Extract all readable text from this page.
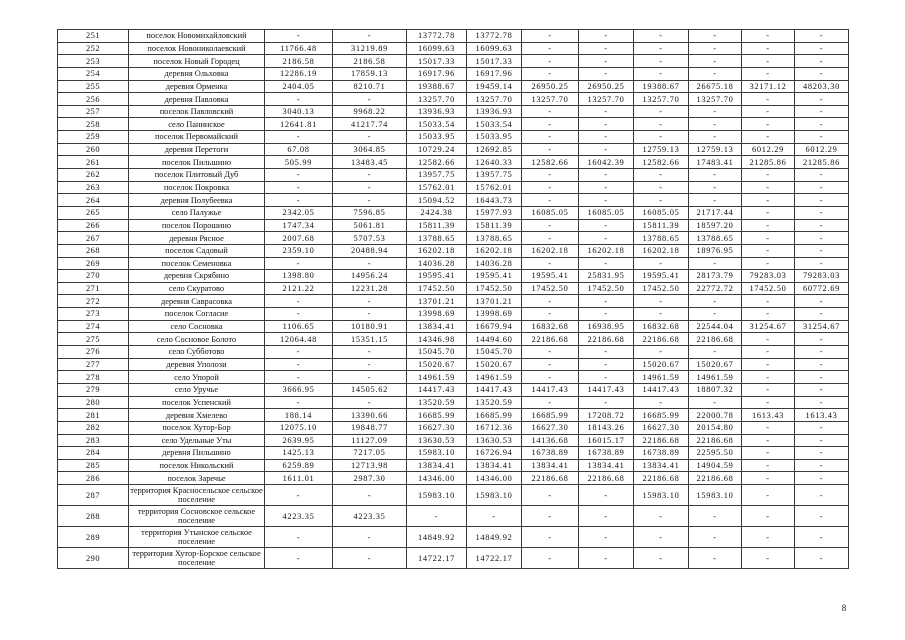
251	поселок Новомихайловский	-	-	13772.78	13772.78	-	-	-	-	-	-
252	поселок Новониколаевский	11766.48	31219.89	16099.63	16099.63	-	-	-	-	-	-
253	поселок Новый Городец	2186.58	2186.58	15017.33	15017.33	-	-	-	-	-	-
254	деревня Ольховка	12286.19	17859.13	16917.96	16917.96	-	-	-	-	-	-
255	деревня Орменка	2404.05	8210.71	19388.67	19459.14	26950.25	26950.25	19388.67	26675.18	32171.12	48203.30
256	деревня Павловка	-	-	13257.70	13257.70	13257.70	13257.70	13257.70	13257.70	-	-
257	поселок Павловский	3040.13	9968.22	13936.93	13936.93	-	-	-	-	-	-
258	село Панинское	12641.81	41217.74	15033.54	15033.54	-	-	-	-	-	-
259	поселок Первомайский	-	-	15033.95	15033.95	-	-	-	-	-	-
260	деревня Перетоги	67.08	3064.85	10729.24	12692.85	-	-	12759.13	12759.13	6012.29	6012.29
261	поселок Пильшино	505.99	13483.45	12582.66	12640.33	12582.66	16042.39	12582.66	17483.41	21285.86	21285.86
262	поселок Плитовый Дуб	-	-	13957.75	13957.75	-	-	-	-	-	-
263	поселок Покровка	-	-	15762.01	15762.01	-	-	-	-	-	-
264	деревня Полубеевка	-	-	15094.52	16443.73	-	-	-	-	-	-
265	село Палужье	2342.05	7596.85	2424.38	15977.93	16085.05	16085.05	16085.05	21717.44	-	-
266	поселок Порошино	1747.34	5061.81	15811.39	15811.39	-	-	15811.39	18597.20	-	-
267	деревня Рясное	2007.68	5707.53	13788.65	13788.65	-	-	13788.65	13788.65	-	-
268	поселок Садовый	2359.10	20488.94	16202.18	16202.18	16202.18	16202.18	16202.18	18976.95	-	-
269	поселок Семеновка	-	-	14036.28	14036.28	-	-	-	-	-	-
270	деревня Скрябино	1398.80	14956.24	19595.41	19595.41	19595.41	25831.95	19595.41	28173.79	79283.03	79283.03
271	село Скуратово	2121.22	12231.28	17452.50	17452.50	17452.50	17452.50	17452.50	22772.72	17452.50	60772.69
272	деревня Саврасовка	-	-	13701.21	13701.21	-	-	-	-	-	-
273	поселок Согласие	-	-	13998.69	13998.69	-	-	-	-	-	-
274	село Сосновка	1106.65	10180.91	13834.41	16679.94	16832.68	16938.95	16832.68	22544.04	31254.67	31254.67
275	село Сосновое Болото	12064.48	15351.15	14346.98	14494.60	22186.68	22186.68	22186.68	22186.68	-	-
276	село Субботово	-	-	15045.70	15045.70	-	-	-	-	-	-
277	деревня Уполози	-	-	15020.67	15020.67	-	-	15020.67	15020.67	-	-
278	село Упорой	-	-	14961.59	14961.59	-	-	14961.59	14961.59	-	-
279	село Уручье	3666.95	14505.62	14417.43	14417.43	14417.43	14417.43	14417.43	18807.32	-	-
280	поселок Успенский	-	-	13520.59	13520.59	-	-	-	-	-	-
281	деревня Хмелево	188.14	13390.66	16685.99	16685.99	16685.99	17208.72	16685.99	22000.78	1613.43	1613.43
282	поселок Хутор-Бор	12075.10	19848.77	16627.30	16712.36	16627.30	18143.26	16627.30	20154.80	-	-
283	село Удельные Уты	2639.95	11127.09	13630.53	13630.53	14136.68	16015.17	22186.68	22186.68	-	-
284	деревня Пильшино	1425.13	7217.05	15983.10	16726.94	16738.89	16738.89	16738.89	22595.50	-	-
285	поселок Никольский	6259.89	12713.98	13834.41	13834.41	13834.41	13834.41	13834.41	14904.59	-	-
286	поселок Заречье	1611.01	2987.30	14346.00	14346.00	22186.68	22186.68	22186.68	22186.68	-	-
287	территория Красносельское сельское поселение	-	-	15983.10	15983.10	-	-	15983.10	15983.10	-	-
288	территория Сосновское сельское поселение	4223.35	4223.35	-	-	-	-	-	-	-	-
289	территория Утынское сельское поселение	-	-	14849.92	14849.92	-	-	-	-	-	-
290	территория Хутор-Борское сельское поселение	-	-	14722.17	14722.17	-	-	-	-	-	-
8
